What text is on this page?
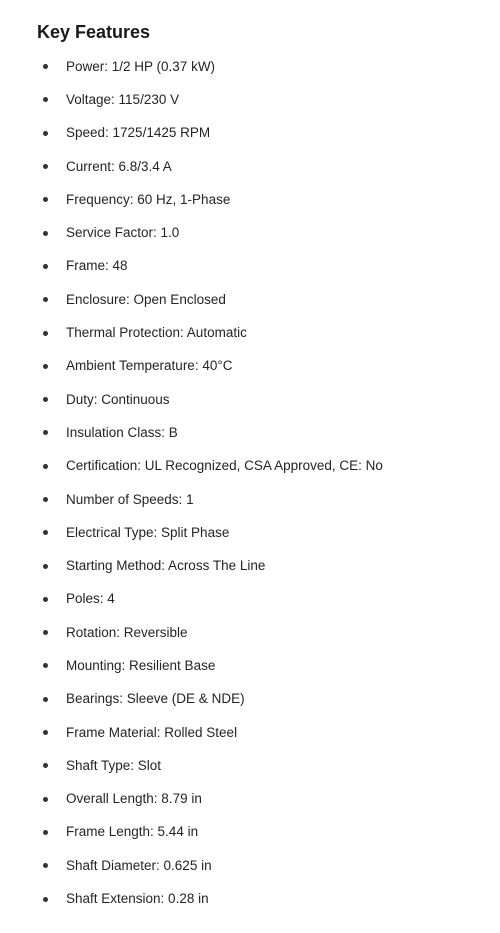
Key Features
Power: 1/2 HP (0.37 kW)
Voltage: 115/230 V
Speed: 1725/1425 RPM
Current: 6.8/3.4 A
Frequency: 60 Hz, 1-Phase
Service Factor: 1.0
Frame: 48
Enclosure: Open Enclosed
Thermal Protection: Automatic
Ambient Temperature: 40°C
Duty: Continuous
Insulation Class: B
Certification: UL Recognized, CSA Approved, CE: No
Number of Speeds: 1
Electrical Type: Split Phase
Starting Method: Across The Line
Poles: 4
Rotation: Reversible
Mounting: Resilient Base
Bearings: Sleeve (DE & NDE)
Frame Material: Rolled Steel
Shaft Type: Slot
Overall Length: 8.79 in
Frame Length: 5.44 in
Shaft Diameter: 0.625 in
Shaft Extension: 0.28 in
